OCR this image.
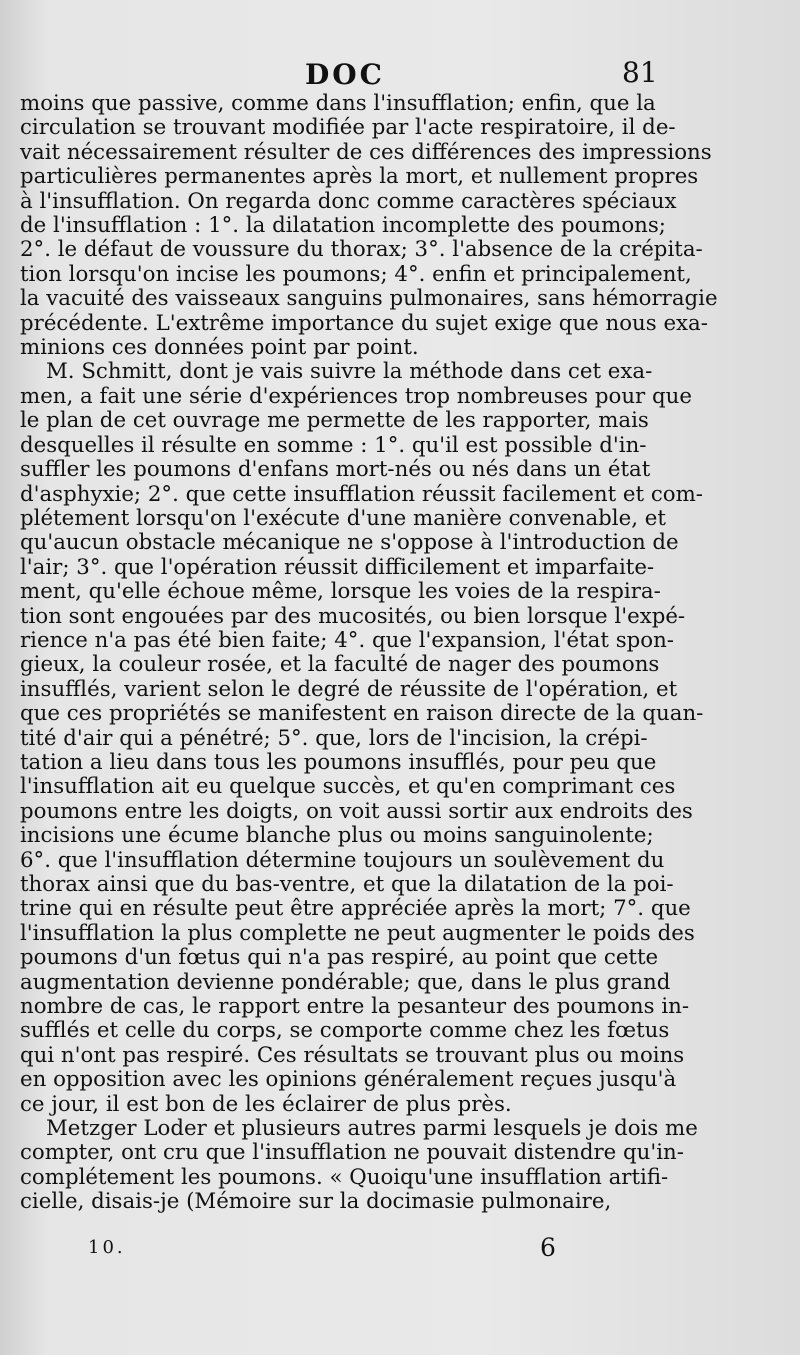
DOC	81
moins que passive, comme dans l'insufflation; enfin, que la
circulation se trouvant modifiée par l'acte respiratoire, il de-
vait nécessairement résulter de ces différences des impressions
particulières permanentes après la mort, et nullement propres
à l'insufflation. On regarda donc comme caractères spéciaux
de l'insufflation : 1°. la dilatation incomplette des poumons;
2°. le défaut de voussure du thorax; 3°. l'absence de la crépita-
tion lorsqu'on incise les poumons; 4°. enfin et principalement,
la vacuité des vaisseaux sanguins pulmonaires, sans hémorragie
précédente. L'extrême importance du sujet exige que nous exa-
minions ces données point par point.
M. Schmitt, dont je vais suivre la méthode dans cet exa-
men, a fait une série d'expériences trop nombreuses pour que
le plan de cet ouvrage me permette de les rapporter, mais
desquelles il résulte en somme : 1°. qu'il est possible d'in-
suffler les poumons d'enfans mort-nés ou nés dans un état
d'asphyxie; 2°. que cette insufflation réussit facilement et com-
plétement lorsqu'on l'exécute d'une manière convenable, et
qu'aucun obstacle mécanique ne s'oppose à l'introduction de
l'air; 3°. que l'opération réussit difficilement et imparfaite-
ment, qu'elle échoue même, lorsque les voies de la respira-
tion sont engouées par des mucosités, ou bien lorsque l'expé-
rience n'a pas été bien faite; 4°. que l'expansion, l'état spon-
gieux, la couleur rosée, et la faculté de nager des poumons
insufflés, varient selon le degré de réussite de l'opération, et
que ces propriétés se manifestent en raison directe de la quan-
tité d'air qui a pénétré; 5°. que, lors de l'incision, la crépi-
tation a lieu dans tous les poumons insufflés, pour peu que
l'insufflation ait eu quelque succès, et qu'en comprimant ces
poumons entre les doigts, on voit aussi sortir aux endroits des
incisions une écume blanche plus ou moins sanguinolente;
6°. que l'insufflation détermine toujours un soulèvement du
thorax ainsi que du bas-ventre, et que la dilatation de la poi-
trine qui en résulte peut être appréciée après la mort; 7°. que
l'insufflation la plus complette ne peut augmenter le poids des
poumons d'un fœtus qui n'a pas respiré, au point que cette
augmentation devienne pondérable; que, dans le plus grand
nombre de cas, le rapport entre la pesanteur des poumons in-
sufflés et celle du corps, se comporte comme chez les fœtus
qui n'ont pas respiré. Ces résultats se trouvant plus ou moins
en opposition avec les opinions généralement reçues jusqu'à
ce jour, il est bon de les éclairer de plus près.
Metzger Loder et plusieurs autres parmi lesquels je dois me
compter, ont cru que l'insufflation ne pouvait distendre qu'in-
complétement les poumons. « Quoiqu'une insufflation artifi-
cielle, disais-je (Mémoire sur la docimasie pulmonaire,
10.	6
